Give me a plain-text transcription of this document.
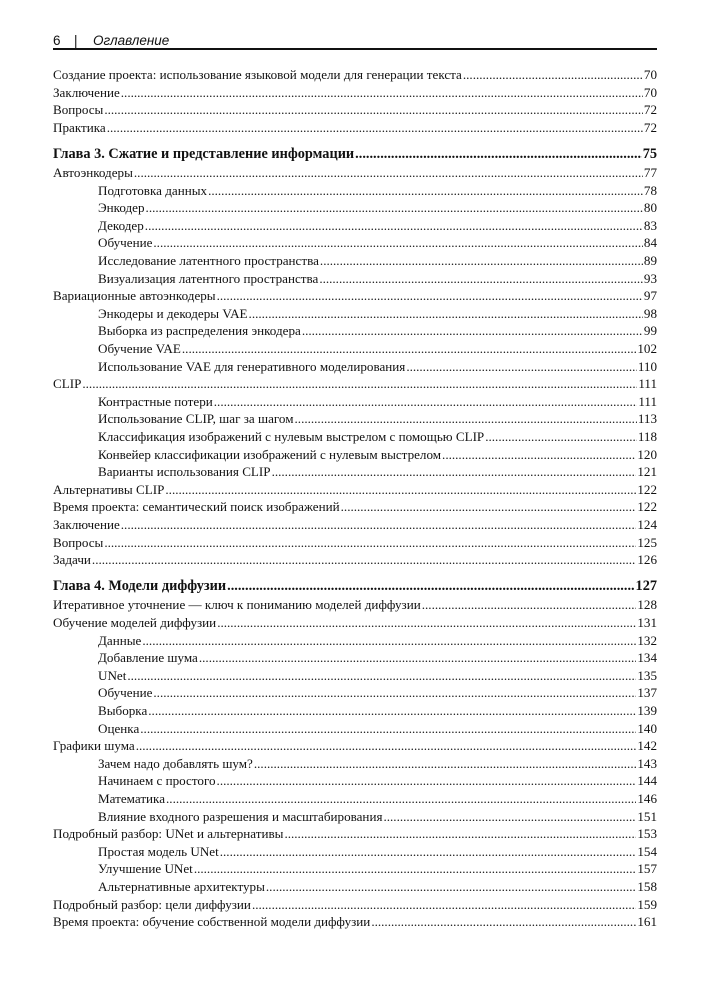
6 | Оглавление
Создание проекта: использование языковой модели для генерации текста .....	70
Заключение .....	70
Вопросы .....	72
Практика .....	72
Глава 3. Сжатие и представление информации .....	75
Автоэнкодеры .....	77
Подготовка данных .....	78
Энкодер .....	80
Декодер .....	83
Обучение .....	84
Исследование латентного пространства .....	89
Визуализация латентного пространства .....	93
Вариационные автоэнкодеры .....	97
Энкодеры и декодеры VAE .....	98
Выборка из распределения энкодера .....	99
Обучение VAE .....	102
Использование VAE для генеративного моделирования .....	110
CLIP .....	111
Контрастные потери .....	111
Использование CLIP, шаг за шагом .....	113
Классификация изображений с нулевым выстрелом с помощью CLIP .....	118
Конвейер классификации изображений с нулевым выстрелом .....	120
Варианты использования CLIP .....	121
Альтернативы CLIP .....	122
Время проекта: семантический поиск изображений .....	122
Заключение .....	124
Вопросы .....	125
Задачи .....	126
Глава 4. Модели диффузии .....	127
Итеративное уточнение — ключ к пониманию моделей диффузии .....	128
Обучение моделей диффузии .....	131
Данные .....	132
Добавление шума .....	134
UNet .....	135
Обучение .....	137
Выборка .....	139
Оценка .....	140
Графики шума .....	142
Зачем надо добавлять шум? .....	143
Начинаем с простого .....	144
Математика .....	146
Влияние входного разрешения и масштабирования .....	151
Подробный разбор: UNet и альтернативы .....	153
Простая модель UNet .....	154
Улучшение UNet .....	157
Альтернативные архитектуры .....	158
Подробный разбор: цели диффузии .....	159
Время проекта: обучение собственной модели диффузии .....	161
